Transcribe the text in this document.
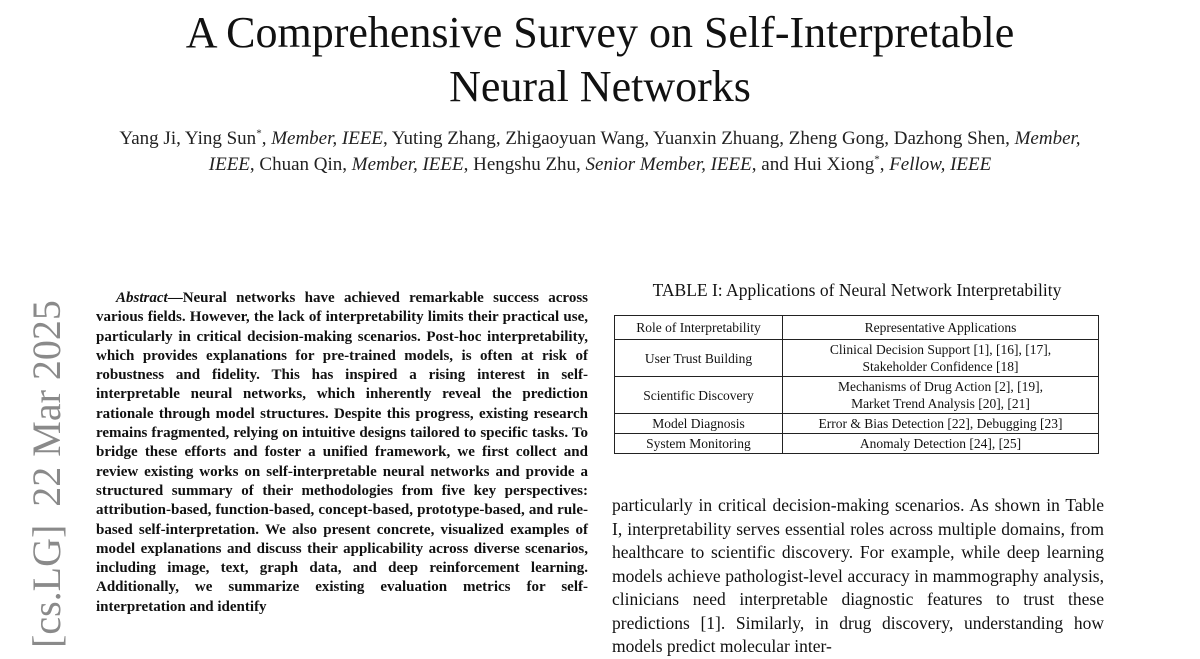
A Comprehensive Survey on Self-Interpretable
Neural Networks
Yang Ji, Ying Sun*, Member, IEEE, Yuting Zhang, Zhigaoyuan Wang, Yuanxin Zhuang, Zheng Gong, Dazhong Shen, Member, IEEE, Chuan Qin, Member, IEEE, Hengshu Zhu, Senior Member, IEEE, and Hui Xiong*, Fellow, IEEE
[cs.LG]22 Mar 2025

Abstract—Neural networks have achieved remarkable success across various fields. However, the lack of interpretability limits their practical use, particularly in critical decision-making scenarios. Post-hoc interpretability, which provides explanations for pre-trained models, is often at risk of robustness and fidelity. This has inspired a rising interest in self-interpretable neural networks, which inherently reveal the prediction rationale through model structures. Despite this progress, existing research remains fragmented, relying on intuitive designs tailored to specific tasks. To bridge these efforts and foster a unified framework, we first collect and review existing works on self-interpretable neural networks and provide a structured summary of their methodologies from five key perspectives: attribution-based, function-based, concept-based, prototype-based, and rule-based self-interpretation. We also present concrete, visualized examples of model explanations and discuss their applicability across diverse scenarios, including image, text, graph data, and deep reinforcement learning. Additionally, we summarize existing evaluation metrics for self-interpretation and identify

TABLE I: Applications of Neural Network Interpretability
Role of Interpretability	Representative Applications
User Trust Building	Clinical Decision Support [1], [16], [17],
Stakeholder Confidence [18]
Scientific Discovery	Mechanisms of Drug Action [2], [19],
Market Trend Analysis [20], [21]
Model Diagnosis	Error & Bias Detection [22], Debugging [23]
System Monitoring	Anomaly Detection [24], [25]

particularly in critical decision-making scenarios. As shown in Table I, interpretability serves essential roles across multiple domains, from healthcare to scientific discovery. For example, while deep learning models achieve pathologist-level accuracy in mammography analysis, clinicians need interpretable diagnostic features to trust these predictions [1]. Similarly, in drug discovery, understanding how models predict molecular inter-
